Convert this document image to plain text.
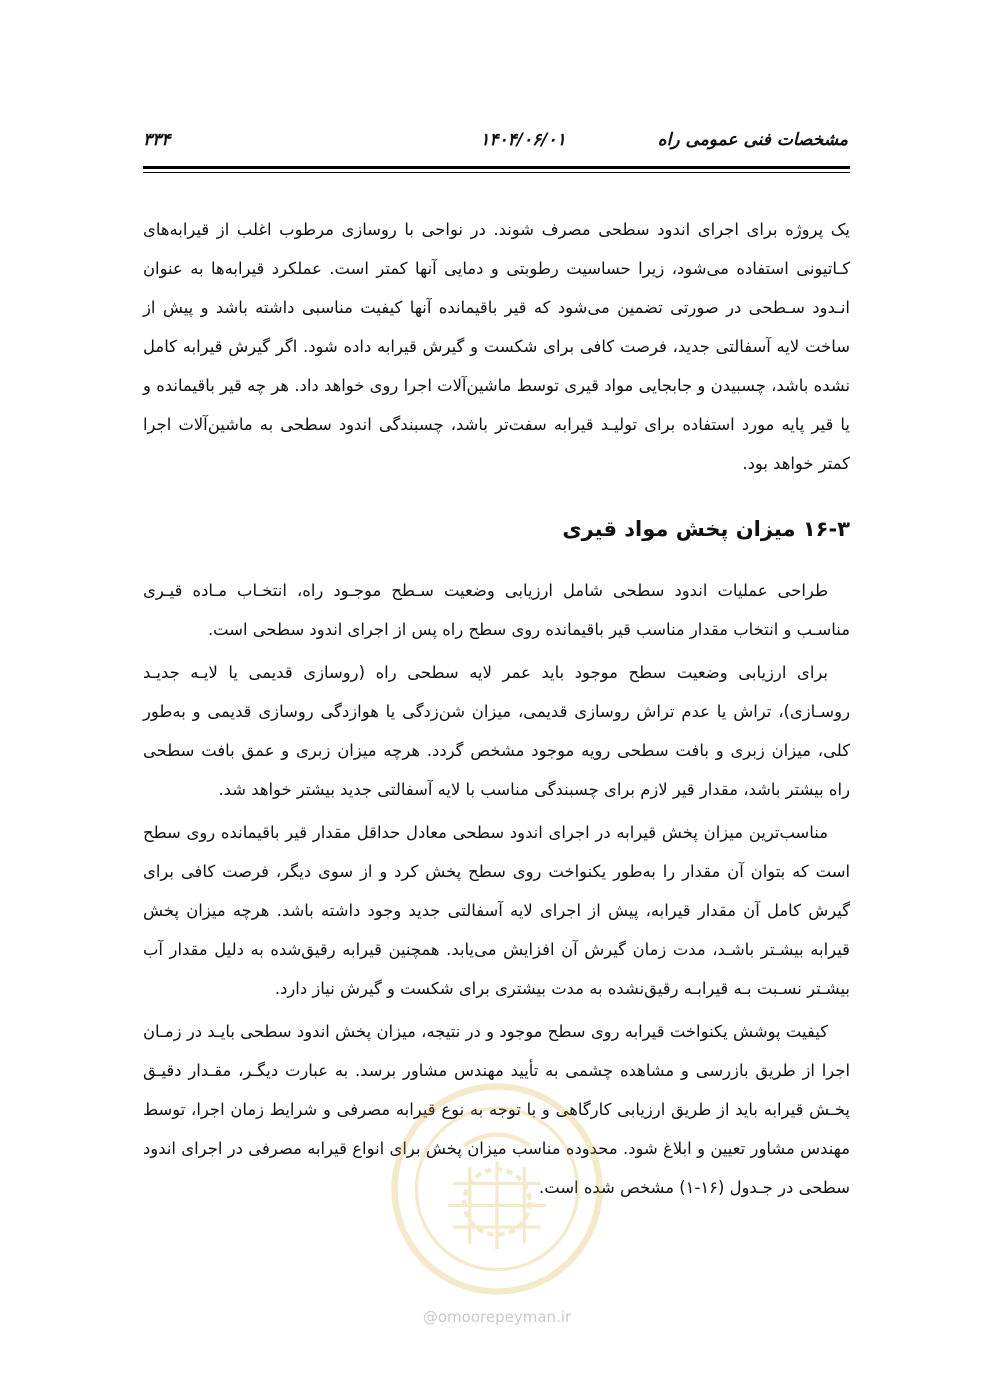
مشخصات فنی عمومی راه
۱۴۰۴/۰۶/۰۱
۳۳۴

یک پروژه برای اجرای اندود سطحی مصرف شوند. در نواحی با روسازی مرطوب اغلب از قیرابه‌های کـاتیونی استفاده می‌شود، زیرا حساسیت رطوبتی و دمایی آنها کمتر است. عملکرد قیرابه‌ها به عنوان انـدود سـطحی در صورتی تضمین می‌شود که قیر باقیمانده آنها کیفیت مناسبی داشته باشد و پیش از ساخت لایه آسفالتی جدید، فرصت کافی برای شکست و گیرش قیرابه داده شود. اگر گیرش قیرابه کامل نشده باشد، چسبیدن و جابجایی مواد قیری توسط ماشین‌آلات اجرا روی خواهد داد. هر چه قیر باقیمانده و یا قیر پایه مورد استفاده برای تولیـد قیرابه سفت‌تر باشد، چسبندگی اندود سطحی به ماشین‌آلات اجرا کمتر خواهد بود.

۱۶-۳ میزان پخش مواد قیری

طراحی عملیات اندود سطحی شامل ارزیابی وضعیت سـطح موجـود راه، انتخـاب مـاده قیـری مناسـب و انتخاب مقدار مناسب قیر باقیمانده روی سطح راه پس از اجرای اندود سطحی است.

برای ارزیابی وضعیت سطح موجود باید عمر لایه سطحی راه (روسازی قدیمی یا لایـه جدیـد روسـازی)، تراش یا عدم تراش روسازی قدیمی، میزان شن‌زدگی یا هوازدگی روسازی قدیمی و به‌طور کلی، میزان زبری و بافت سطحی رویه موجود مشخص گردد. هرچه میزان زبری و عمق بافت سطحی راه بیشتر باشد، مقدار قیر لازم برای چسبندگی مناسب با لایه آسفالتی جدید بیشتر خواهد شد.

مناسب‌ترین میزان پخش قیرابه در اجرای اندود سطحی معادل حداقل مقدار قیر باقیمانده روی سطح است که بتوان آن مقدار را به‌طور یکنواخت روی سطح پخش کرد و از سوی دیگر، فرصت کافی برای گیرش کامل آن مقدار قیرابه، پیش از اجرای لایه آسفالتی جدید وجود داشته باشد. هرچه میزان پخش قیرابه بیشـتر باشـد، مدت زمان گیرش آن افزایش می‌یابد. همچنین قیرابه رقیق‌شده به دلیل مقدار آب بیشـتر نسـبت بـه قیرابـه رقیق‌نشده به مدت بیشتری برای شکست و گیرش نیاز دارد.

کیفیت پوشش یکنواخت قیرابه روی سطح موجود و در نتیجه، میزان پخش اندود سطحی بایـد در زمـان اجرا از طریق بازرسی و مشاهده چشمی به تأیید مهندس مشاور برسد. به عبارت دیگـر، مقـدار دقیـق پخـش قیرابه باید از طریق ارزیابی کارگاهی و با توجه به نوع قیرابه مصرفی و شرایط زمان اجرا، توسط مهندس مشاور تعیین و ابلاغ شود. محدوده مناسب میزان پخش برای انواع قیرابه مصرفی در اجرای اندود سطحی در جـدول (۱۶-۱) مشخص شده است.

@omoorepeyman.ir
